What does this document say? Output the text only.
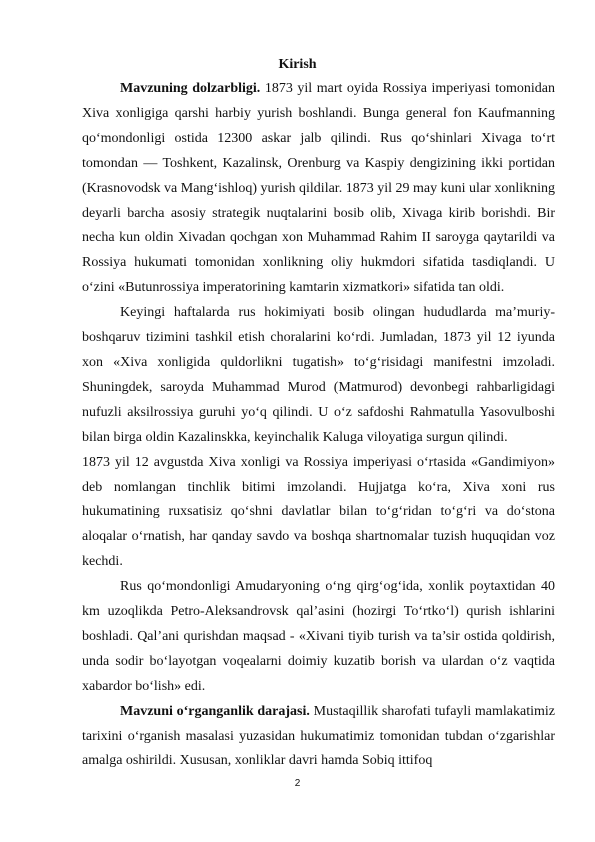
Kirish

Mavzuning dolzarbligi. 1873 yil mart oyida Rossiya imperiyasi tomonidan Xiva xonligiga qarshi harbiy yurish boshlandi. Bunga general fon Kaufmanning qo‘mondonligi ostida 12300 askar jalb qilindi. Rus qo‘shinlari Xivaga to‘rt tomondan — Toshkent, Kazalinsk, Orenburg va Kaspiy dengizining ikki portidan (Krasnovodsk va Mang‘ishloq) yurish qildilar. 1873 yil 29 may kuni ular xonlikning deyarli barcha asosiy strategik nuqtalarini bosib olib, Xivaga kirib borishdi. Bir necha kun oldin Xivadan qochgan xon Muhammad Rahim II saroyga qaytarildi va Rossiya hukumati tomonidan xonlikning oliy hukmdori sifatida tasdiqlandi. U o‘zini «Butunrossiya imperatorining kamtarin xizmatkori» sifatida tan oldi.

Keyingi haftalarda rus hokimiyati bosib olingan hududlarda ma’muriy-boshqaruv tizimini tashkil etish choralarini ko‘rdi. Jumladan, 1873 yil 12 iyunda xon «Xiva xonligida quldorlikni tugatish» to‘g‘risidagi manifestni imzoladi. Shuningdek, saroyda Muhammad Murod (Matmurod) devonbegi rahbarligidagi nufuzli aksilrossiya guruhi yo‘q qilindi. U o‘z safdoshi Rahmatulla Yasovulboshi bilan birga oldin Kazalinskka, keyinchalik Kaluga viloyatiga surgun qilindi.

1873 yil 12 avgustda Xiva xonligi va Rossiya imperiyasi o‘rtasida «Gandimiyon» deb nomlangan tinchlik bitimi imzolandi. Hujjatga ko‘ra, Xiva xoni rus hukumatining ruxsatisiz qo‘shni davlatlar bilan to‘g‘ridan to‘g‘ri va do‘stona aloqalar o‘rnatish, har qanday savdo va boshqa shartnomalar tuzish huquqidan voz kechdi.

Rus qo‘mondonligi Amudaryoning o‘ng qirg‘og‘ida, xonlik poytaxtidan 40 km uzoqlikda Petro-Aleksandrovsk qal’asini (hozirgi To‘rtko‘l) qurish ishlarini boshladi. Qal’ani qurishdan maqsad - «Xivani tiyib turish va ta’sir ostida qoldirish, unda sodir bo‘layotgan voqealarni doimiy kuzatib borish va ulardan o‘z vaqtida xabardor bo‘lish» edi.

Mavzuni o‘rganganlik darajasi. Mustaqillik sharofati tufayli mamlakatimiz tarixini o‘rganish masalasi yuzasidan hukumatimiz tomonidan tubdan o‘zgarishlar amalga oshirildi. Xususan, xonliklar davri hamda Sobiq ittifoq

2
